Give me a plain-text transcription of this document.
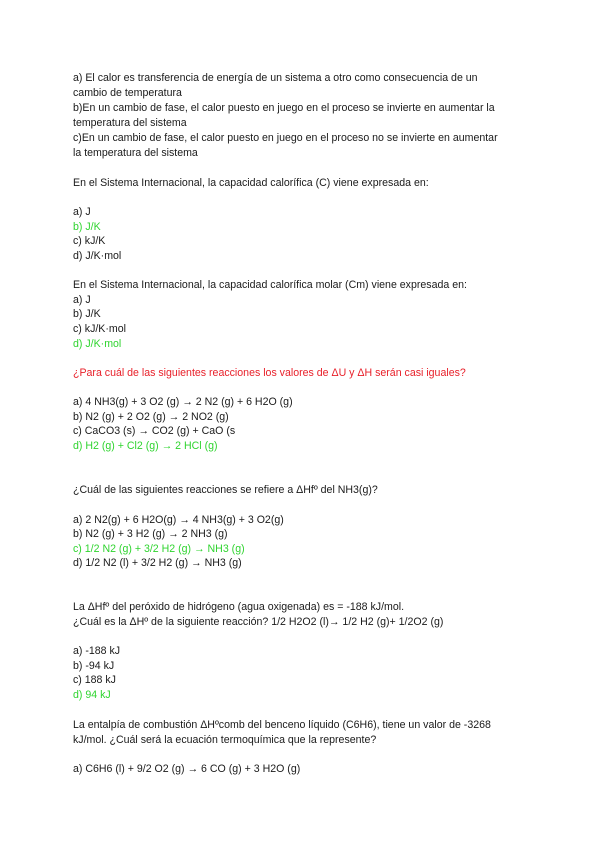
a) El calor es transferencia de energía de un sistema a otro como consecuencia de un
cambio de temperatura
b)En un cambio de fase, el calor puesto en juego en el proceso se invierte en aumentar la
temperatura del sistema
c)En un cambio de fase, el calor puesto en juego en el proceso no se invierte en aumentar
la temperatura del sistema
En el Sistema Internacional, la capacidad calorífica (C) viene expresada en:
a) J
b) J/K
c) kJ/K
d) J/K·mol
En el Sistema Internacional, la capacidad calorífica molar (Cm) viene expresada en:
a) J
b) J/K
c) kJ/K·mol
d) J/K·mol
¿Para cuál de las siguientes reacciones los valores de ΔU y ΔH serán casi iguales?
a) 4 NH3(g) + 3 O2 (g) → 2 N2 (g) + 6 H2O (g)
b) N2 (g) + 2 O2 (g) → 2 NO2 (g)
c) CaCO3 (s) → CO2 (g) + CaO (s
d) H2 (g) + Cl2 (g) → 2 HCl (g)
¿Cuál de las siguientes reacciones se refiere a ΔHfº del NH3(g)?
a) 2 N2(g) + 6 H2O(g) → 4 NH3(g) + 3 O2(g)
b) N2 (g) + 3 H2 (g) → 2 NH3 (g)
c) 1/2 N2 (g) + 3/2 H2 (g) → NH3 (g)
d) 1/2 N2 (l) + 3/2 H2 (g) → NH3 (g)
La ΔHfº del peróxido de hidrógeno (agua oxigenada) es = -188 kJ/mol.
¿Cuál es la ΔHº de la siguiente reacción? 1/2 H2O2 (l)→ 1/2 H2 (g)+ 1/2O2 (g)
a) -188 kJ
b) -94 kJ
c) 188 kJ
d) 94 kJ
La entalpía de combustión ΔHºcomb del benceno líquido (C6H6), tiene un valor de -3268
kJ/mol. ¿Cuál será la ecuación termoquímica que la represente?
a) C6H6 (l) + 9/2 O2 (g) → 6 CO (g) + 3 H2O (g)
